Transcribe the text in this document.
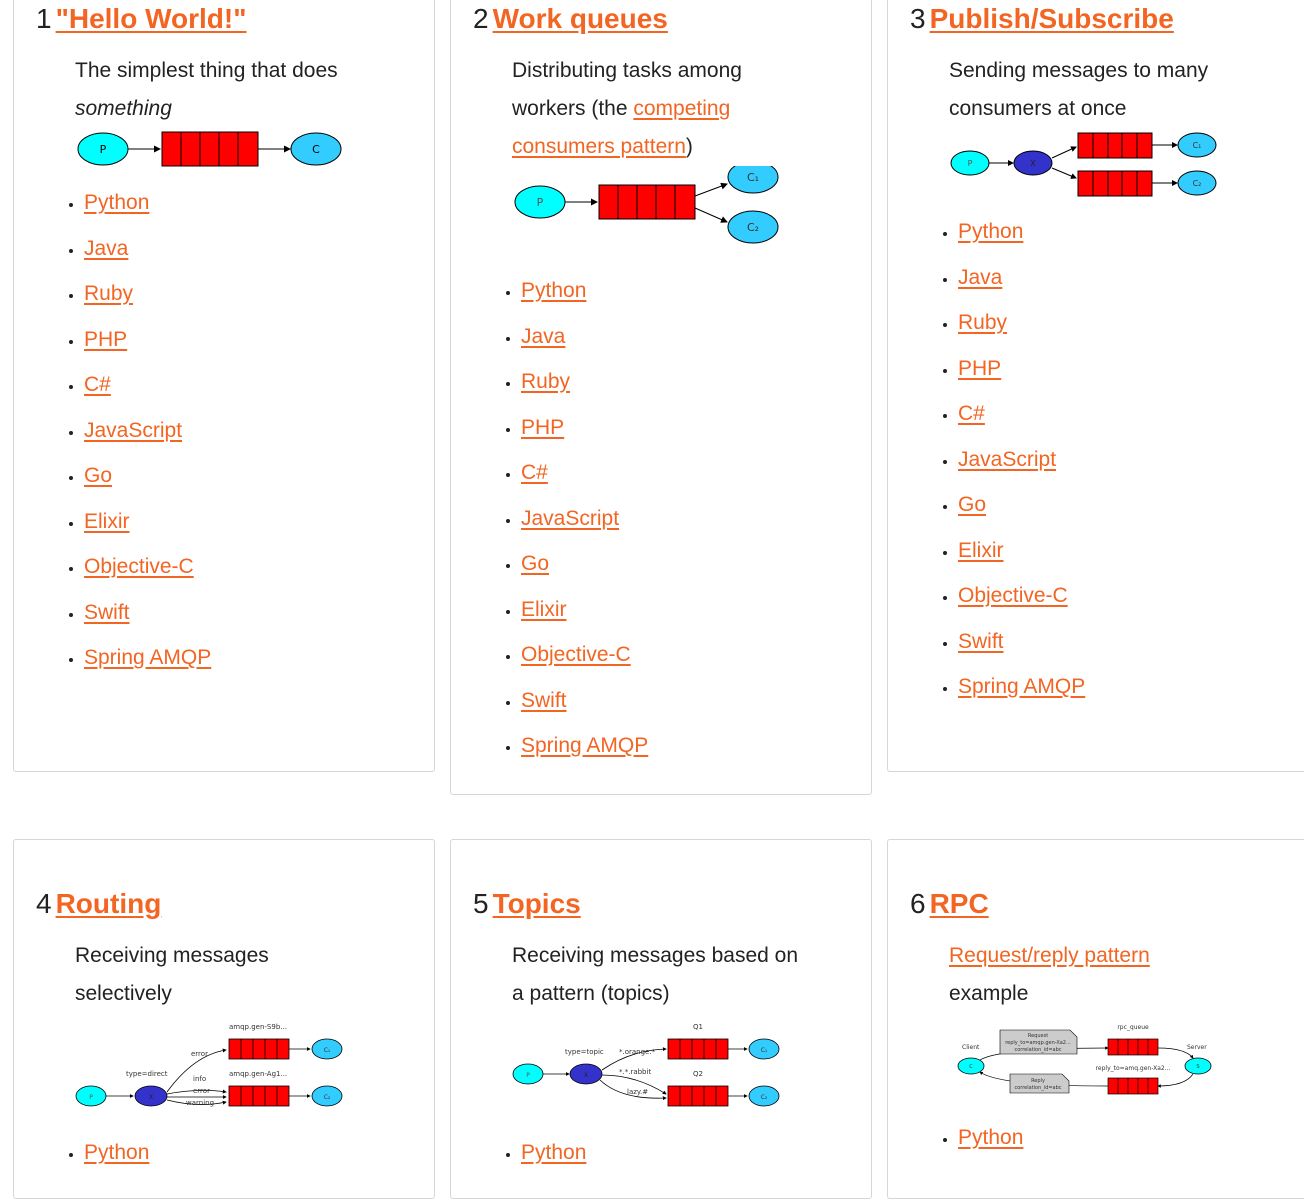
1 "Hello World!"
The simplest thing that does something
P	C
• Python
• Java
• Ruby
• PHP
• C#
• JavaScript
• Go
• Elixir
• Objective-C
• Swift
• Spring AMQP
2 Work queues
Distributing tasks among workers (the competing consumers pattern)
P
C₁
C₂
• Python
• Java
• Ruby
• PHP
• C#
• JavaScript
• Go
• Elixir
• Objective-C
• Swift
• Spring AMQP
3 Publish/Subscribe
Sending messages to many consumers at once
P	X
C₁
C₂
• Python
• Java
• Ruby
• PHP
• C#
• JavaScript
• Go
• Elixir
• Objective-C
• Swift
• Spring AMQP
4 Routing
Receiving messages selectively
P
type=direct
X
error
info
error
warning
amqp.gen-S9b...
amqp.gen-Ag1...
C₁
C₂
• Python
5 Topics
Receiving messages based on a pattern (topics)
P
type=topic
X
*.orange.*
*.*.rabbit
lazy.#
Q1
Q2
C₁
C₂
• Python
6 RPC
Request/reply pattern example
Client	Server
C	S
Request
reply_to=amqp.gen-Xa2...
correlation_id=abc
Reply
correlation_id=abc
rpc_queue
reply_to=amq.gen-Xa2...
• Python
